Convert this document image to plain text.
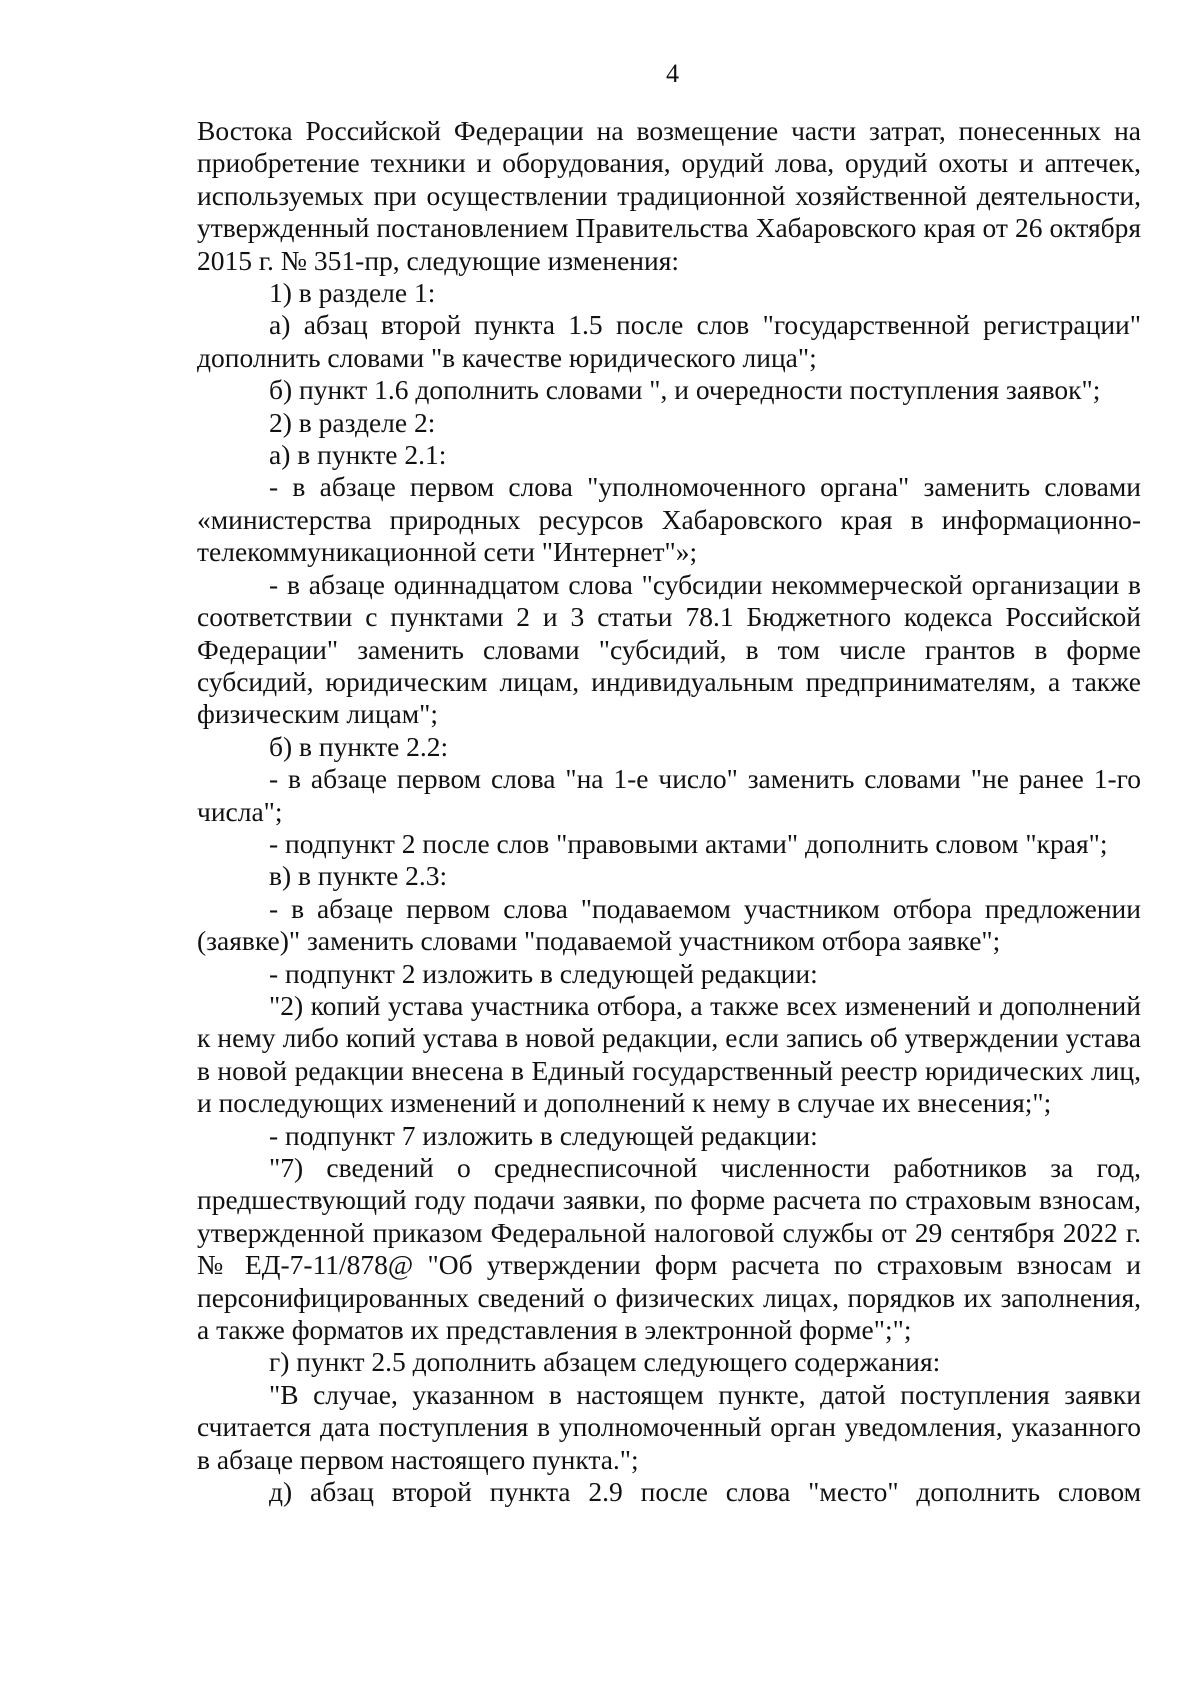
4

Востока Российской Федерации на возмещение части затрат, понесенных на приобретение техники и оборудования, орудий лова, орудий охоты и аптечек, используемых при осуществлении традиционной хозяйственной деятельности, утвержденный постановлением Правительства Хабаровского края от 26 октября 2015 г. № 351-пр, следующие изменения:

1) в разделе 1:

а) абзац второй пункта 1.5 после слов "государственной регистрации" дополнить словами "в качестве юридического лица";

б) пункт 1.6 дополнить словами ", и очередности поступления заявок";

2) в разделе 2:

а) в пункте 2.1:

- в абзаце первом слова "уполномоченного органа" заменить словами «министерства природных ресурсов Хабаровского края в информационно-телекоммуникационной сети "Интернет"»;

- в абзаце одиннадцатом слова "субсидии некоммерческой организации в соответствии с пунктами 2 и 3 статьи 78.1 Бюджетного кодекса Российской Федерации" заменить словами "субсидий, в том числе грантов в форме субсидий, юридическим лицам, индивидуальным предпринимателям, а также физическим лицам";

б) в пункте 2.2:

- в абзаце первом слова "на 1-е число" заменить словами "не ранее 1-го числа";

- подпункт 2 после слов "правовыми актами" дополнить словом "края";

в) в пункте 2.3:

- в абзаце первом слова "подаваемом участником отбора предложении (заявке)" заменить словами "подаваемой участником отбора заявке";

- подпункт 2 изложить в следующей редакции:

"2) копий устава участника отбора, а также всех изменений и дополнений к нему либо копий устава в новой редакции, если запись об утверждении устава в новой редакции внесена в Единый государственный реестр юридических лиц, и последующих изменений и дополнений к нему в случае их внесения;";

- подпункт 7 изложить в следующей редакции:

"7) сведений о среднесписочной численности работников за год, предшествующий году подачи заявки, по форме расчета по страховым взносам, утвержденной приказом Федеральной налоговой службы от 29 сентября 2022 г. № ЕД-7-11/878@ "Об утверждении форм расчета по страховым взносам и персонифицированных сведений о физических лицах, порядков их заполнения, а также форматов их представления в электронной форме";";

г) пункт 2.5 дополнить абзацем следующего содержания:

"В случае, указанном в настоящем пункте, датой поступления заявки считается дата поступления в уполномоченный орган уведомления, указанного в абзаце первом настоящего пункта.";

д) абзац второй пункта 2.9 после слова "место" дополнить словом
